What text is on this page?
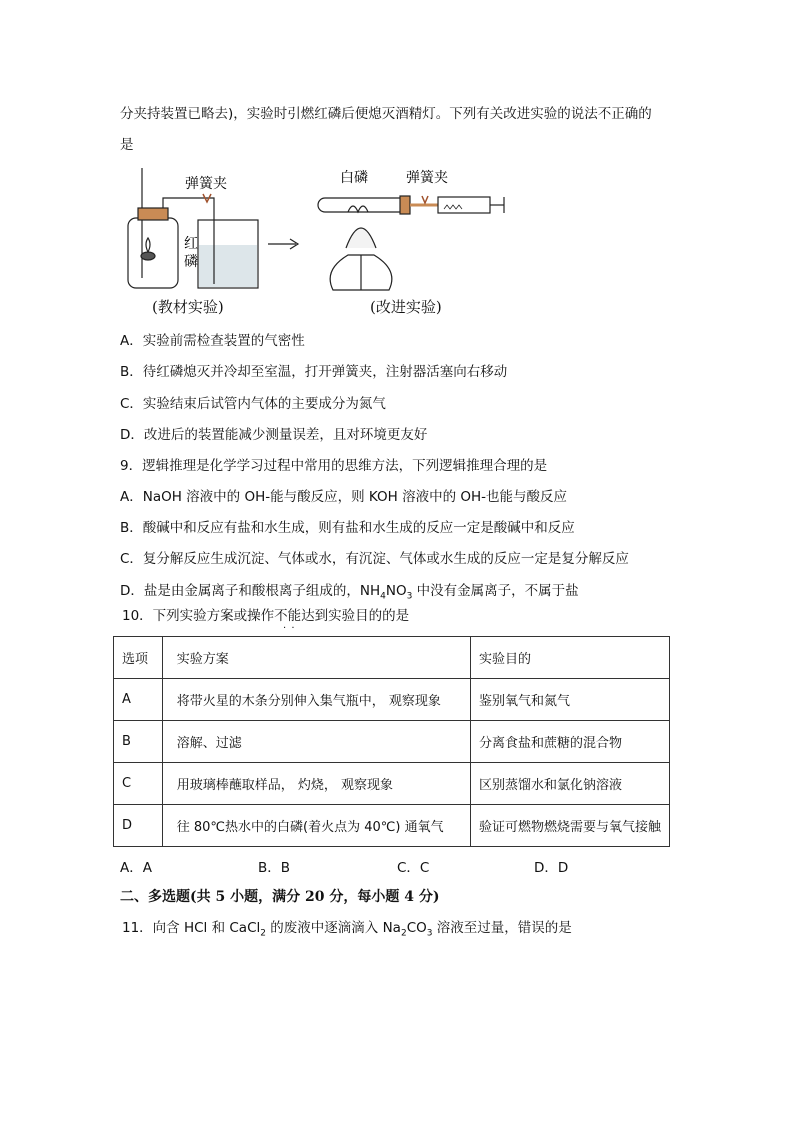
分夹持装置已略去)，实验时引燃红磷后便熄灭酒精灯。下列有关改进实验的说法不正确的
是
弹簧夹
红
磷
白磷	弹簧夹
(教材实验)	(改进实验)
A．实验前需检查装置的气密性
B．待红磷熄灭并冷却至室温，打开弹簧夹，注射器活塞向右移动
C．实验结束后试管内气体的主要成分为氮气
D．改进后的装置能减少测量误差，且对环境更友好
9．逻辑推理是化学学习过程中常用的思维方法，下列逻辑推理合理的是
A．NaOH 溶液中的 OH-能与酸反应，则 KOH 溶液中的 OH-也能与酸反应
B．酸碱中和反应有盐和水生成，则有盐和水生成的反应一定是酸碱中和反应
C．复分解反应生成沉淀、气体或水，有沉淀、气体或水生成的反应一定是复分解反应
D．盐是由金属离子和酸根离子组成的，$NH_4NO_3$ 中没有金属离子，不属于盐
10．下列实验方案或操作不能达到实验目的的是
· ·
选项	实验方案	实验目的
A	将带火星的木条分别伸入集气瓶中， 观察现象	鉴别氧气和氮气
B	溶解、过滤	分离食盐和蔗糖的混合物
C	用玻璃棒蘸取样品， 灼烧， 观察现象	区别蒸馏水和氯化钠溶液
D	往 80℃热水中的白磷(着火点为 40℃) 通氧气	验证可燃物燃烧需要与氧气接触
A．A	B．B	C．C	D．D
二、多选题(共 5 小题，满分 20 分，每小题 4 分)
11．向含 HCl 和 CaCl$_2$ 的废液中逐滴滴入 $Na_2CO_3$ 溶液至过量，错误的是
